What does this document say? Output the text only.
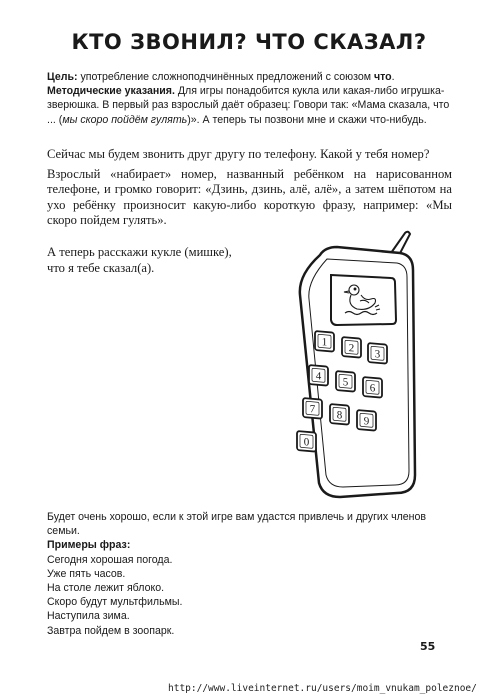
КТО ЗВОНИЛ? ЧТО СКАЗАЛ?

Цель: употребление сложноподчинённых предложений с союзом что.

Методические указания. Для игры понадобится кукла или какая-либо игрушка-зверюшка. В первый раз взрослый даёт образец: Говори так: «Мама сказала, что ... (мы скоро пойдём гулять)». А теперь ты позвони мне и скажи что-нибудь.

Сейчас мы будем звонить друг другу по телефону. Какой у тебя номер?

Взрослый «набирает» номер, названный ребёнком на нарисованном телефоне, и громко говорит: «Дзинь, дзинь, алё, алё», а затем шёпотом на ухо ребёнку произносит какую-либо короткую фразу, например: «Мы скоро пойдем гулять».

А теперь расскажи кукле (мишке),

что я тебе сказал(а).

1 2 3
4 5 6
7 8 9
0

Будет очень хорошо, если к этой игре вам удастся привлечь и других членов семьи.

Примеры фраз:

Сегодня хорошая погода.
Уже пять часов.
На столе лежит яблоко.
Скоро будут мультфильмы.
Наступила зима.
Завтра пойдем в зоопарк.
55
http://www.liveinternet.ru/users/moim_vnukam_poleznoe/
